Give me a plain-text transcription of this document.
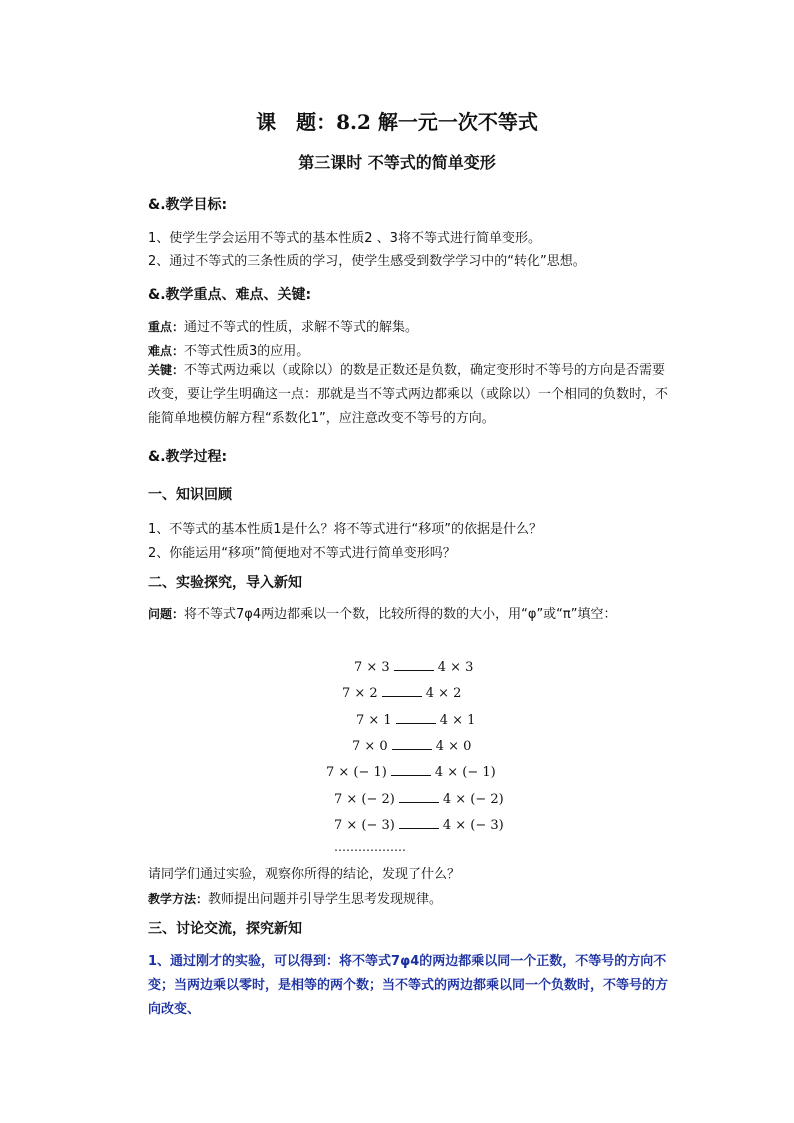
课　题：8.2 解一元一次不等式
第三课时 不等式的简单变形
&.教学目标:
1、使学生学会运用不等式的基本性质2 、3将不等式进行简单变形。
2、通过不等式的三条性质的学习，使学生感受到数学学习中的“转化”思想。
&.教学重点、难点、关键:
重点：通过不等式的性质，求解不等式的解集。
难点：不等式性质3的应用。
关键：不等式两边乘以（或除以）的数是正数还是负数，确定变形时不等号的方向是否需要改变，要让学生明确这一点：那就是当不等式两边都乘以（或除以）一个相同的负数时，不能简单地模仿解方程“系数化1”，应注意改变不等号的方向。
&.教学过程:
一、知识回顾
1、不等式的基本性质1是什么？将不等式进行“移项”的依据是什么？
2、你能运用“移项”简便地对不等式进行简单变形吗？
二、实验探究，导入新知
问题：将不等式7φ4两边都乘以一个数，比较所得的数的大小，用“φ”或“π”填空：
7 × 3	4 × 3
7 × 2	4 × 2
7 × 1	4 × 1
7 × 0	4 × 0
7 × (− 1)	4 × (− 1)
7 × (− 2)	4 × (− 2)
7 × (− 3)	4 × (− 3)
………………
请同学们通过实验，观察你所得的结论，发现了什么？
教学方法：教师提出问题并引导学生思考发现规律。
三、讨论交流，探究新知
1、通过刚才的实验，可以得到：将不等式7φ4的两边都乘以同一个正数，不等号的方向不变；当两边乘以零时，是相等的两个数；当不等式的两边都乘以同一个负数时，不等号的方向改变、
